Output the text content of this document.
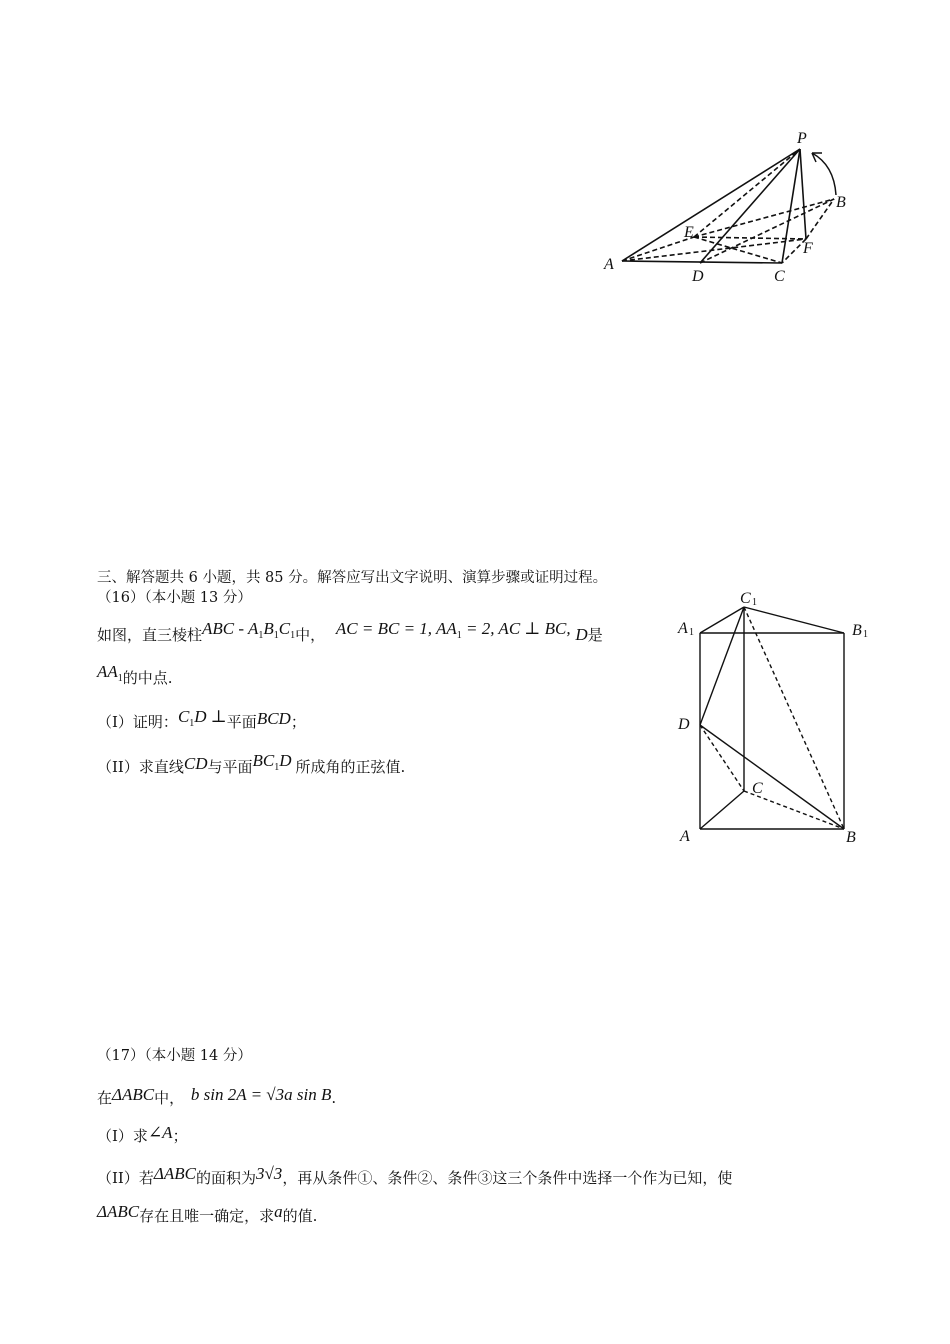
P
B
E
F
A
D	C
三、解答题共 6 小题，共 85 分。解答应写出文字说明、演算步骤或证明过程。
（16）（本小题 13 分）
如图，直三棱柱ABC - $A_1B_1C_1$中， AC = BC = 1, $AA_1 = 2$, AC ⊥ BC, D是
$AA_1$的中点.
（I）证明：$C_1D$ ⊥平面BCD；
（II）求直线CD与平面$BC_1D$ 所成角的正弦值.
C 1
A 1	B 1
D
C
A	B
（17）（本小题 14 分）
在ΔABC中， b sin 2A = √3a sin B.
（I）求∠A；
（II）若ΔABC的面积为3√3，再从条件①、条件②、条件③这三个条件中选择一个作为已知，使
ΔABC存在且唯一确定，求a的值.
